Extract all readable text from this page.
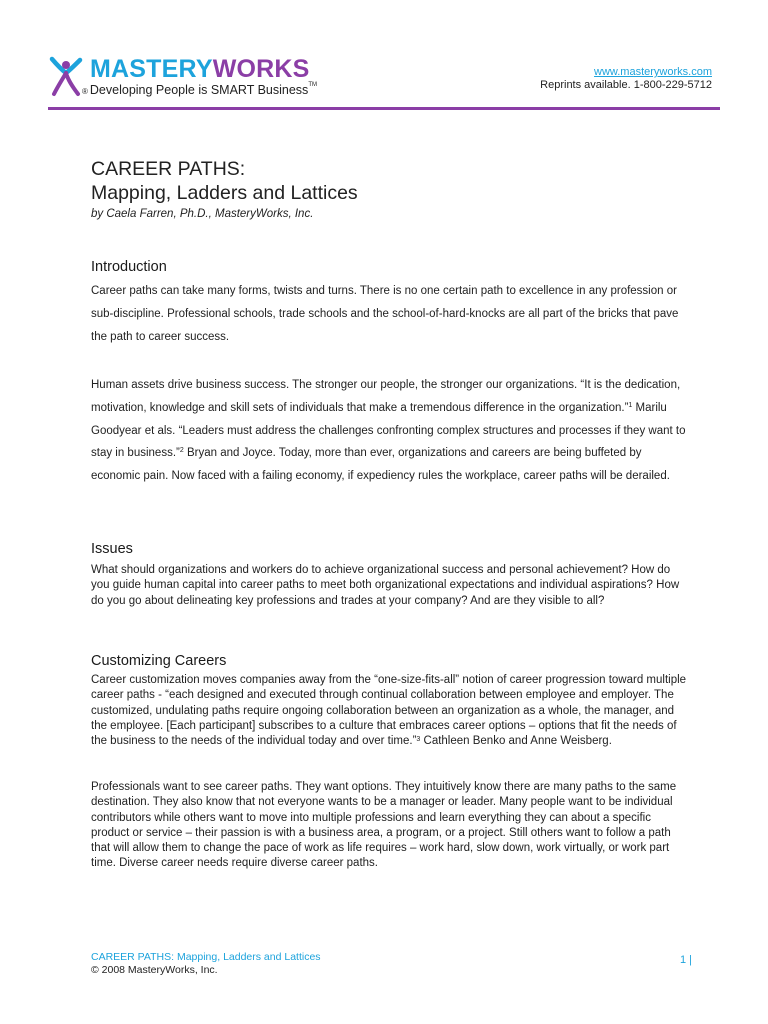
MASTERYWORKS
® Developing People is SMART Business™
www.masteryworks.com
Reprints available. 1-800-229-5712
CAREER PATHS:
Mapping, Ladders and Lattices
by Caela Farren, Ph.D., MasteryWorks, Inc.
Introduction

Career paths can take many forms, twists and turns. There is no one certain path to excellence in any profession or sub-discipline. Professional schools, trade schools and the school-of-hard-knocks are all part of the bricks that pave the path to career success.

Human assets drive business success. The stronger our people, the stronger our organizations. “It is the dedication, motivation, knowledge and skill sets of individuals that make a tremendous difference in the organization.”$^1$ Marilu Goodyear et als. “Leaders must address the challenges confronting complex structures and processes if they want to stay in business.”$^2$ Bryan and Joyce. Today, more than ever, organizations and careers are being buffeted by economic pain. Now faced with a failing economy, if expediency rules the workplace, career paths will be derailed.

Issues

What should organizations and workers do to achieve organizational success and personal achievement? How do you guide human capital into career paths to meet both organizational expectations and individual aspirations? How do you go about delineating key professions and trades at your company? And are they visible to all?

Customizing Careers

Career customization moves companies away from the “one-size-fits-all” notion of career progression toward multiple career paths - “each designed and executed through continual collaboration between employee and employer. The customized, undulating paths require ongoing collaboration between an organization as a whole, the manager, and the employee. [Each participant] subscribes to a culture that embraces career options – options that fit the needs of the business to the needs of the individual today and over time.”$^3$ Cathleen Benko and Anne Weisberg.

Professionals want to see career paths. They want options. They intuitively know there are many paths to the same destination. They also know that not everyone wants to be a manager or leader. Many people want to be individual contributors while others want to move into multiple professions and learn everything they can about a specific product or service – their passion is with a business area, a program, or a project. Still others want to follow a path that will allow them to change the pace of work as life requires – work hard, slow down, work virtually, or work part time. Diverse career needs require diverse career paths.

CAREER PATHS: Mapping, Ladders and Lattices
© 2008 MasteryWorks, Inc.
1 |
